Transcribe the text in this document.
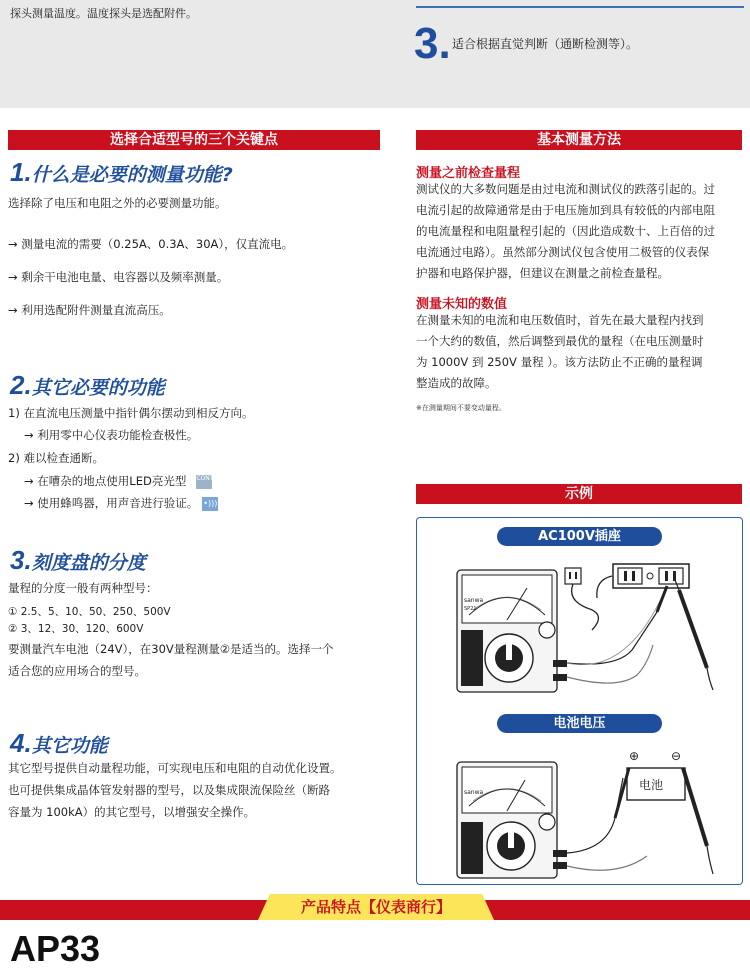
探头测量温度。温度探头是选配附件。
3. 适合根据直觉判断（通断检测等）。
选择合适型号的三个关键点
1.什么是必要的测量功能?
选择除了电压和电阻之外的必要测量功能。
→ 测量电流的需要（0.25A、0.3A、30A），仅直流电。
→ 剩余干电池电量、电容器以及频率测量。
→ 利用选配附件测量直流高压。
2.其它必要的功能
1) 在直流电压测量中指针偶尔摆动到相反方向。
→ 利用零中心仪表功能检查极性。
2) 难以检查通断。
→ 在嘈杂的地点使用LED亮光型 CONT LED
→ 使用蜂鸣器，用声音进行验证。 •)))
3.刻度盘的分度
量程的分度一般有两种型号：
① 2.5、5、10、50、250、500V
② 3、12、30、120、600V
要测量汽车电池（24V），在30V量程测量②是适当的。选择一个
适合您的应用场合的型号。
4.其它功能
其它型号提供自动量程功能，可实现电压和电阻的自动优化设置。
也可提供集成晶体管发射器的型号，以及集成限流保险丝（断路
容量为 100kA）的其它型号，以增强安全操作。
基本测量方法
测量之前检查量程
测试仪的大多数问题是由过电流和测试仪的跌落引起的。过
电流引起的故障通常是由于电压施加到具有较低的内部电阻
的电流量程和电阻量程引起的（因此造成数十、上百倍的过
电流通过电路）。虽然部分测试仪包含使用二极管的仪表保
护器和电路保护器，但建议在测量之前检查量程。
测量未知的数值
在测量未知的电流和电压数值时，首先在最大量程内找到
一个大约的数值，然后调整到最优的量程（在电压测量时
为 1000V 到 250V 量程 ）。该方法防止不正确的量程调
整造成的故障。
※在测量期间不要变动量程。
示例
AC100V插座
sanwa
SP21
电池电压
sanwa
⊕	⊖
电池
产品特点【仪表商行】
AP33
